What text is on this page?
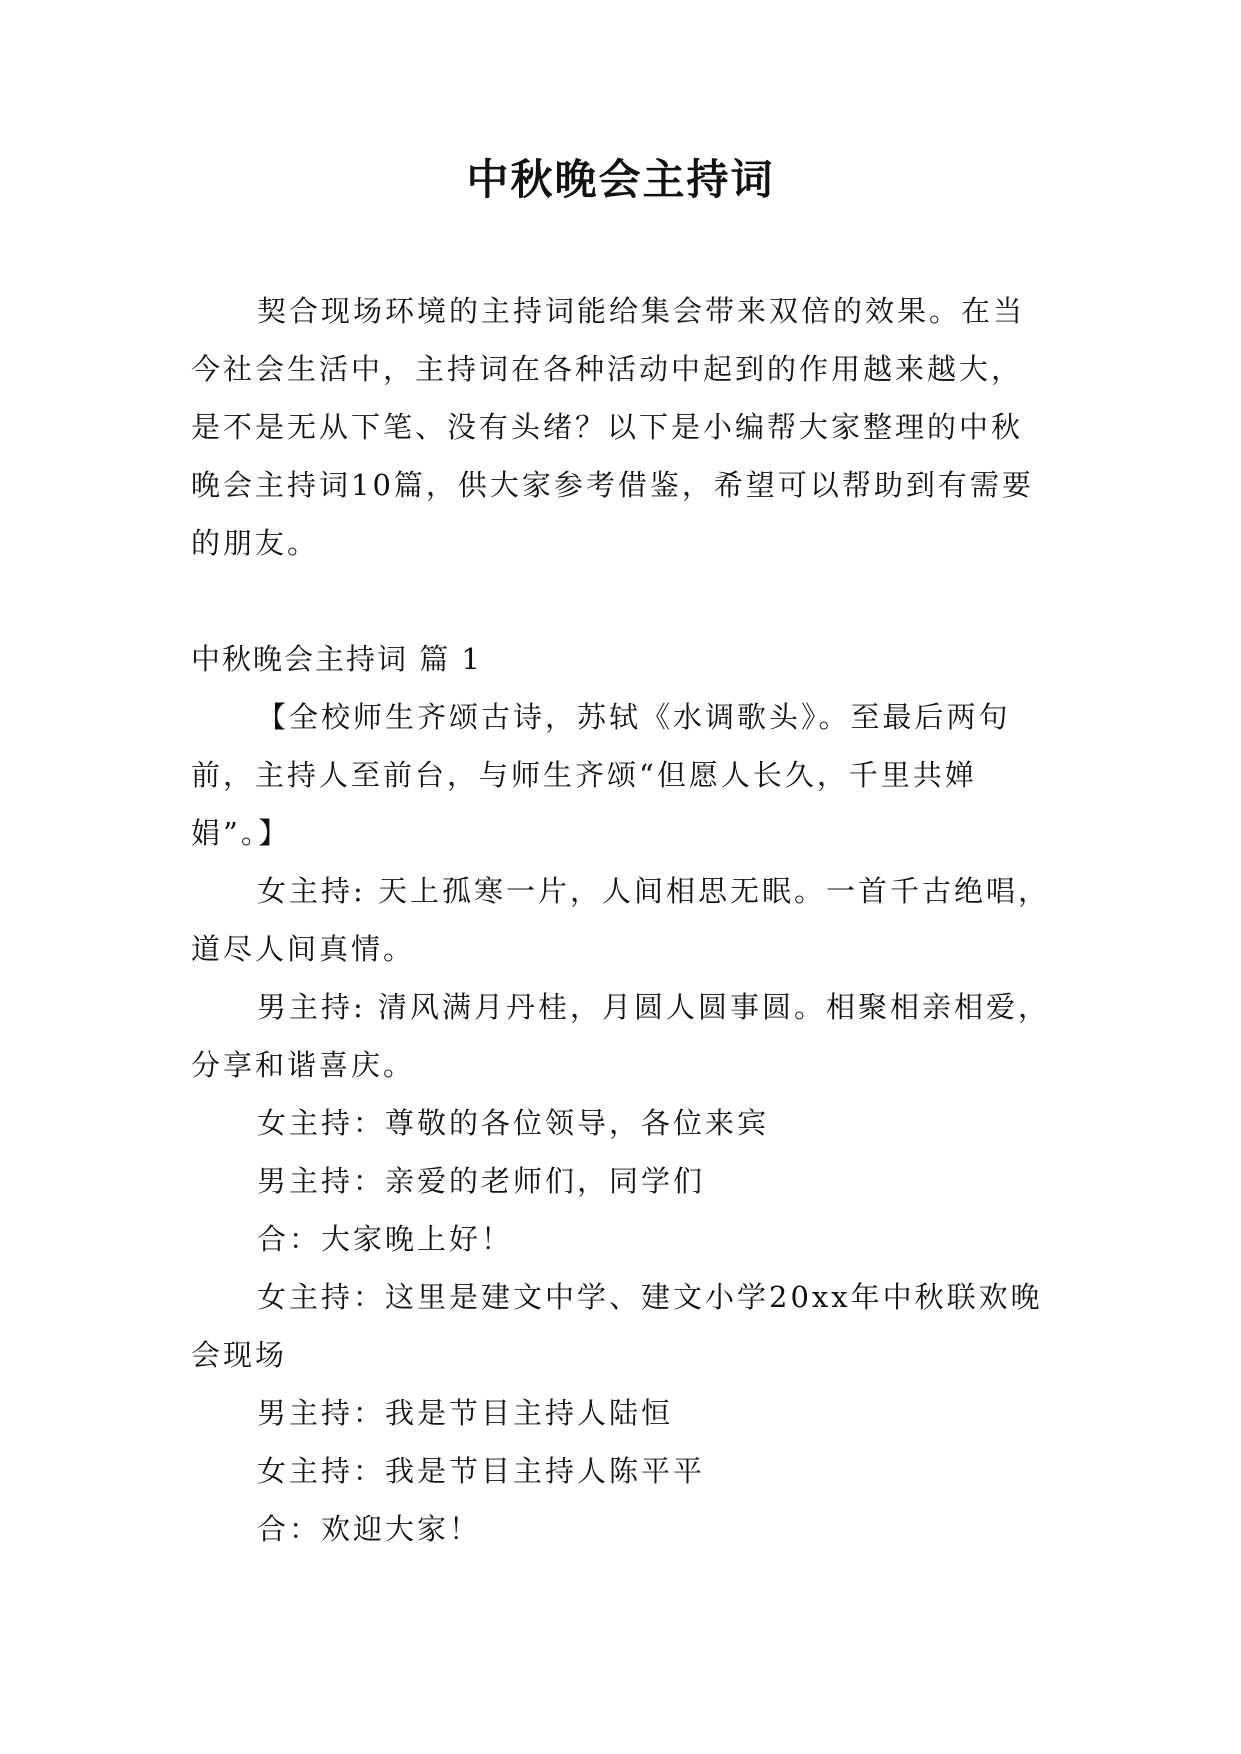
中秋晚会主持词

契合现场环境的主持词能给集会带来双倍的效果。在当今社会生活中，主持词在各种活动中起到的作用越来越大，是不是无从下笔、没有头绪？以下是小编帮大家整理的中秋晚会主持词10篇，供大家参考借鉴，希望可以帮助到有需要的朋友。

中秋晚会主持词 篇 1

【全校师生齐颂古诗，苏轼《水调歌头》。至最后两句前，主持人至前台，与师生齐颂“但愿人长久，千里共婵娟”。】

女主持: 天上孤寒一片，人间相思无眠。一首千古绝唱，道尽人间真情。

男主持: 清风满月丹桂，月圆人圆事圆。相聚相亲相爱，分享和谐喜庆。

女主持：尊敬的各位领导，各位来宾

男主持：亲爱的老师们，同学们

合：大家晚上好！

女主持：这里是建文中学、建文小学20xx年中秋联欢晚会现场

男主持：我是节目主持人陆恒

女主持：我是节目主持人陈平平

合：欢迎大家！
